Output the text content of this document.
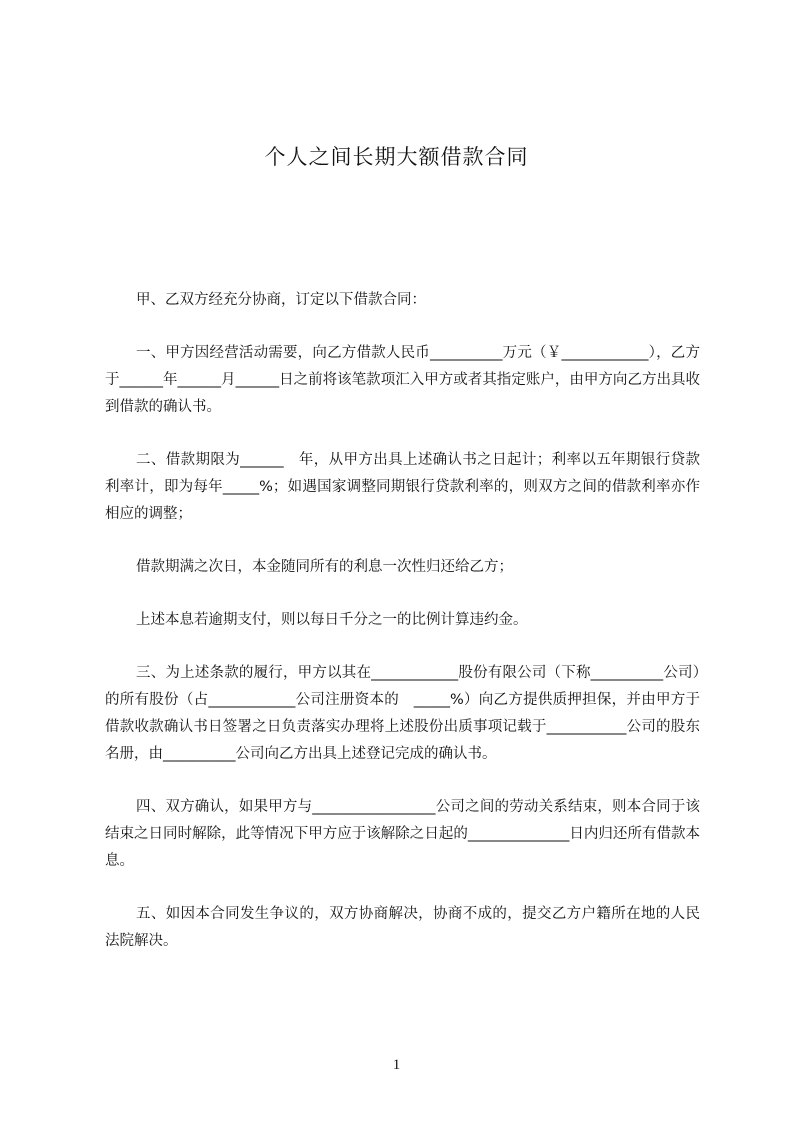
个人之间长期大额借款合同

甲、乙双方经充分协商，订定以下借款合同：

一、甲方因经营活动需要，向乙方借款人民币__________万元（￥____________），乙方于______年______月______日之前将该笔款项汇入甲方或者其指定账户，由甲方向乙方出具收到借款的确认书。

二、借款期限为______　年，从甲方出具上述确认书之日起计；利率以五年期银行贷款利率计，即为每年_____%；如遇国家调整同期银行贷款利率的，则双方之间的借款利率亦作相应的调整；

借款期满之次日，本金随同所有的利息一次性归还给乙方；

上述本息若逾期支付，则以每日千分之一的比例计算违约金。

三、为上述条款的履行，甲方以其在____________股份有限公司（下称__________公司）的所有股份（占____________公司注册资本的　_____%）向乙方提供质押担保，并由甲方于借款收款确认书日签署之日负责落实办理将上述股份出质事项记载于___________公司的股东名册，由__________公司向乙方出具上述登记完成的确认书。

四、双方确认，如果甲方与_________________公司之间的劳动关系结束，则本合同于该结束之日同时解除，此等情况下甲方应于该解除之日起的______________日内归还所有借款本息。

五、如因本合同发生争议的，双方协商解决，协商不成的，提交乙方户籍所在地的人民法院解决。

1
